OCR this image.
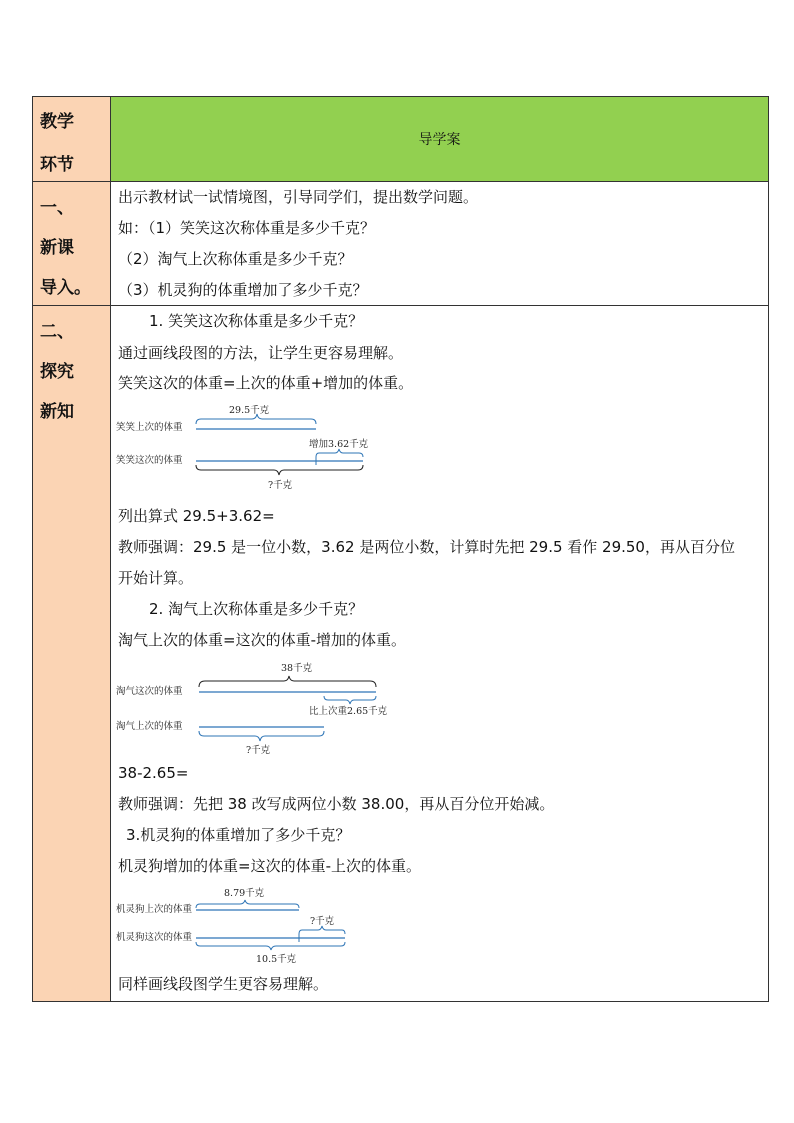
教学
环节
导学案
一、
新课
导入。
出示教材试一试情境图，引导同学们，提出数学问题。
如：（1）笑笑这次称体重是多少千克？
（2）淘气上次称体重是多少千克？
（3）机灵狗的体重增加了多少千克？
二、
探究
新知
1. 笑笑这次称体重是多少千克？
通过画线段图的方法，让学生更容易理解。
笑笑这次的体重=上次的体重+增加的体重。
笑笑上次的体重
笑笑这次的体重
29.5千克
增加3.62千克
?千克
列出算式 29.5+3.62=
教师强调：29.5 是一位小数，3.62 是两位小数，计算时先把 29.5 看作 29.50，再从百分位
开始计算。
2. 淘气上次称体重是多少千克？
淘气上次的体重=这次的体重-增加的体重。
淘气这次的体重
淘气上次的体重
38千克
比上次重2.65千克
?千克
38-2.65=
教师强调：先把 38 改写成两位小数 38.00，再从百分位开始减。
3.机灵狗的体重增加了多少千克？
机灵狗增加的体重=这次的体重-上次的体重。
机灵狗上次的体重
机灵狗这次的体重
8.79千克
?千克
10.5千克
同样画线段图学生更容易理解。
